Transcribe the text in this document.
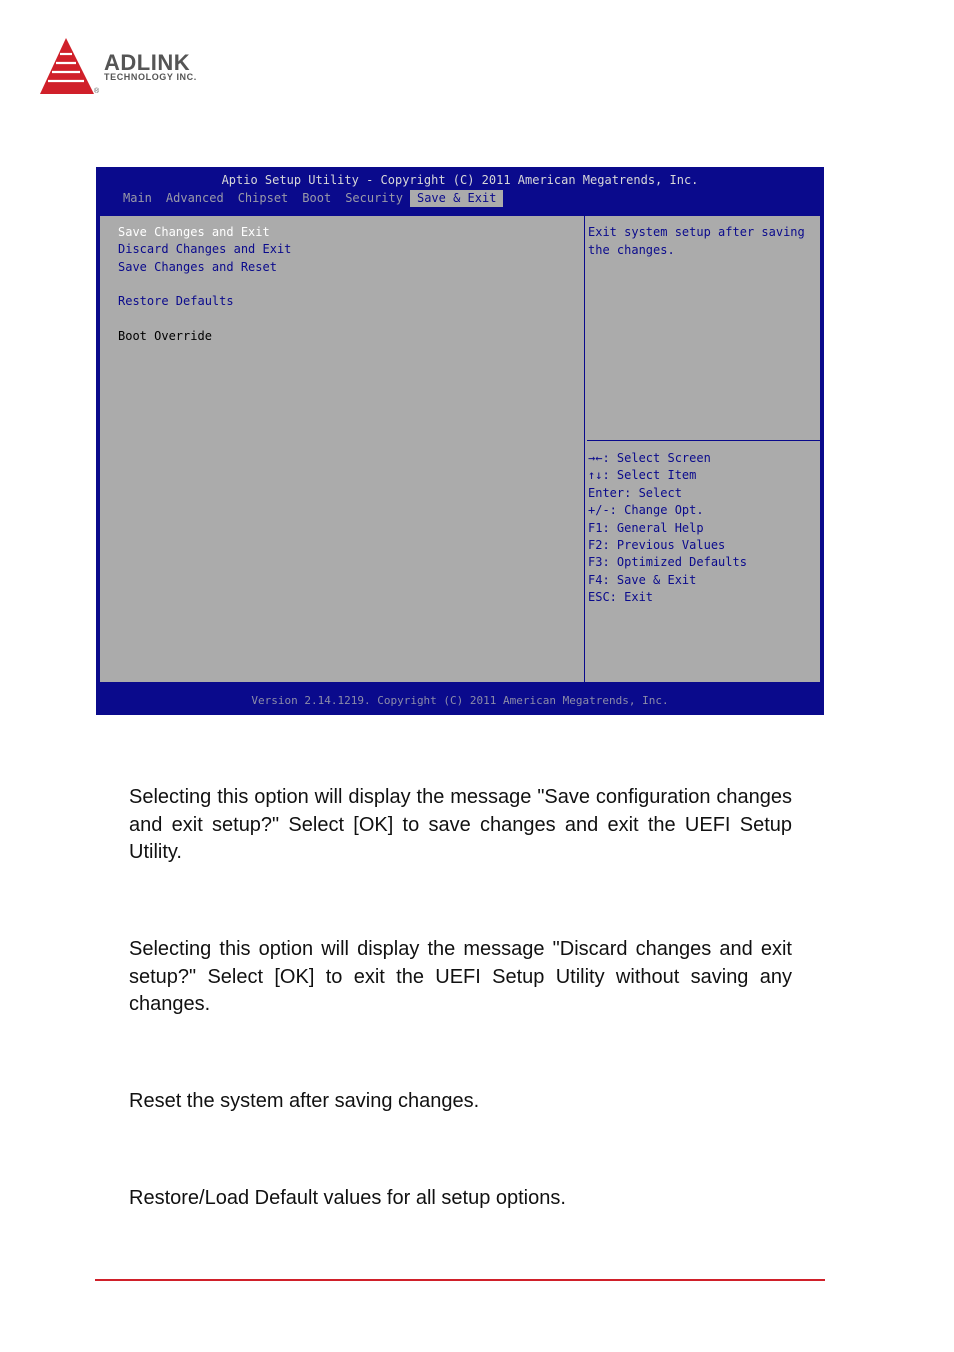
ADLINK
TECHNOLOGY INC.
®
Aptio Setup Utility - Copyright (C) 2011 American Megatrends, Inc.
Main	Advanced	Chipset	Boot	Security	Save & Exit
Save Changes and Exit
Discard Changes and Exit
Save Changes and Reset
Restore Defaults
Boot Override
Exit system setup after saving the changes.
→←: Select Screen
↑↓: Select Item
Enter: Select
+/-: Change Opt.
F1: General Help
F2: Previous Values
F3: Optimized Defaults
F4: Save & Exit
ESC: Exit
Version 2.14.1219. Copyright (C) 2011 American Megatrends, Inc.
Selecting this option will display the message "Save configuration changes and exit setup?" Select [OK] to save changes and exit the UEFI Setup Utility.
Selecting this option will display the message "Discard changes and exit setup?" Select [OK] to exit the UEFI Setup Utility without saving any changes.
Reset the system after saving changes.
Restore/Load Default values for all setup options.
